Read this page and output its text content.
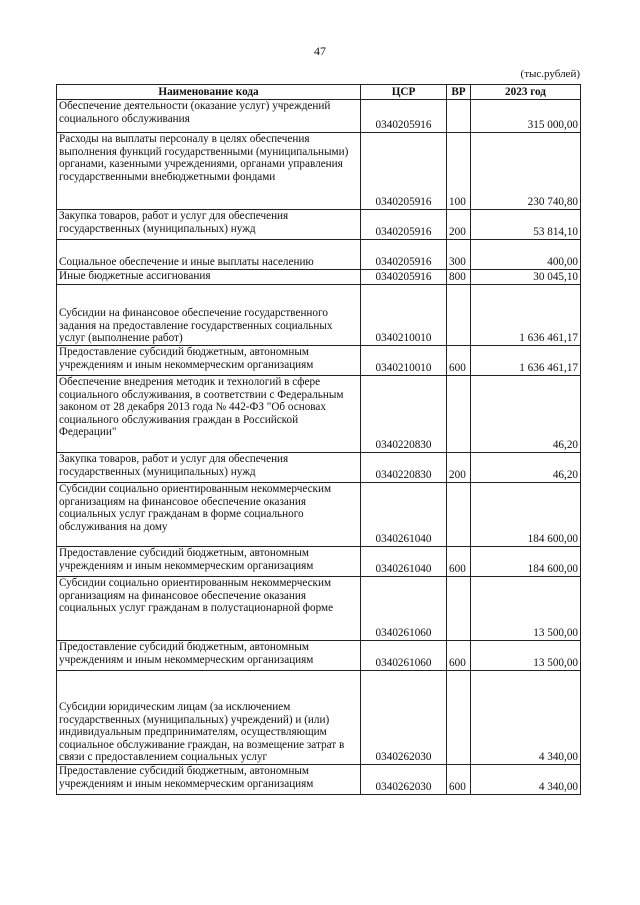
47
(тыс.рублей)
Наименование кода	ЦСР	ВР	2023 год
Обеспечение деятельности (оказание услуг) учреждений социального обслуживания	0340205916		315 000,00
Расходы на выплаты персоналу в целях обеспечения выполнения функций государственными (муниципальными) органами, казенными учреждениями, органами управления государственными внебюджетными фондами	0340205916	100	230 740,80
Закупка товаров, работ и услуг для обеспечения государственных (муниципальных) нужд	0340205916	200	53 814,10
Социальное обеспечение и иные выплаты населению	0340205916	300	400,00
Иные бюджетные ассигнования	0340205916	800	30 045,10
Субсидии на финансовое обеспечение государственного задания на предоставление государственных социальных услуг (выполнение работ)	0340210010		1 636 461,17
Предоставление субсидий бюджетным, автономным учреждениям и иным некоммерческим организациям	0340210010	600	1 636 461,17
Обеспечение внедрения методик и технологий в сфере социального обслуживания, в соответствии с Федеральным законом от 28 декабря 2013 года № 442-ФЗ "Об основах социального обслуживания граждан в Российской Федерации"	0340220830		46,20
Закупка товаров, работ и услуг для обеспечения государственных (муниципальных) нужд	0340220830	200	46,20
Субсидии социально ориентированным некоммерческим организациям на финансовое обеспечение оказания социальных услуг гражданам в форме социального обслуживания на дому	0340261040		184 600,00
Предоставление субсидий бюджетным, автономным учреждениям и иным некоммерческим организациям	0340261040	600	184 600,00
Субсидии социально ориентированным некоммерческим организациям на финансовое обеспечение оказания социальных услуг гражданам в полустационарной форме	0340261060		13 500,00
Предоставление субсидий бюджетным, автономным учреждениям и иным некоммерческим организациям	0340261060	600	13 500,00
Субсидии юридическим лицам (за исключением государственных (муниципальных) учреждений) и (или) индивидуальным предпринимателям, осуществляющим социальное обслуживание граждан, на возмещение затрат в связи с предоставлением социальных услуг	0340262030		4 340,00
Предоставление субсидий бюджетным, автономным учреждениям и иным некоммерческим организациям	0340262030	600	4 340,00
